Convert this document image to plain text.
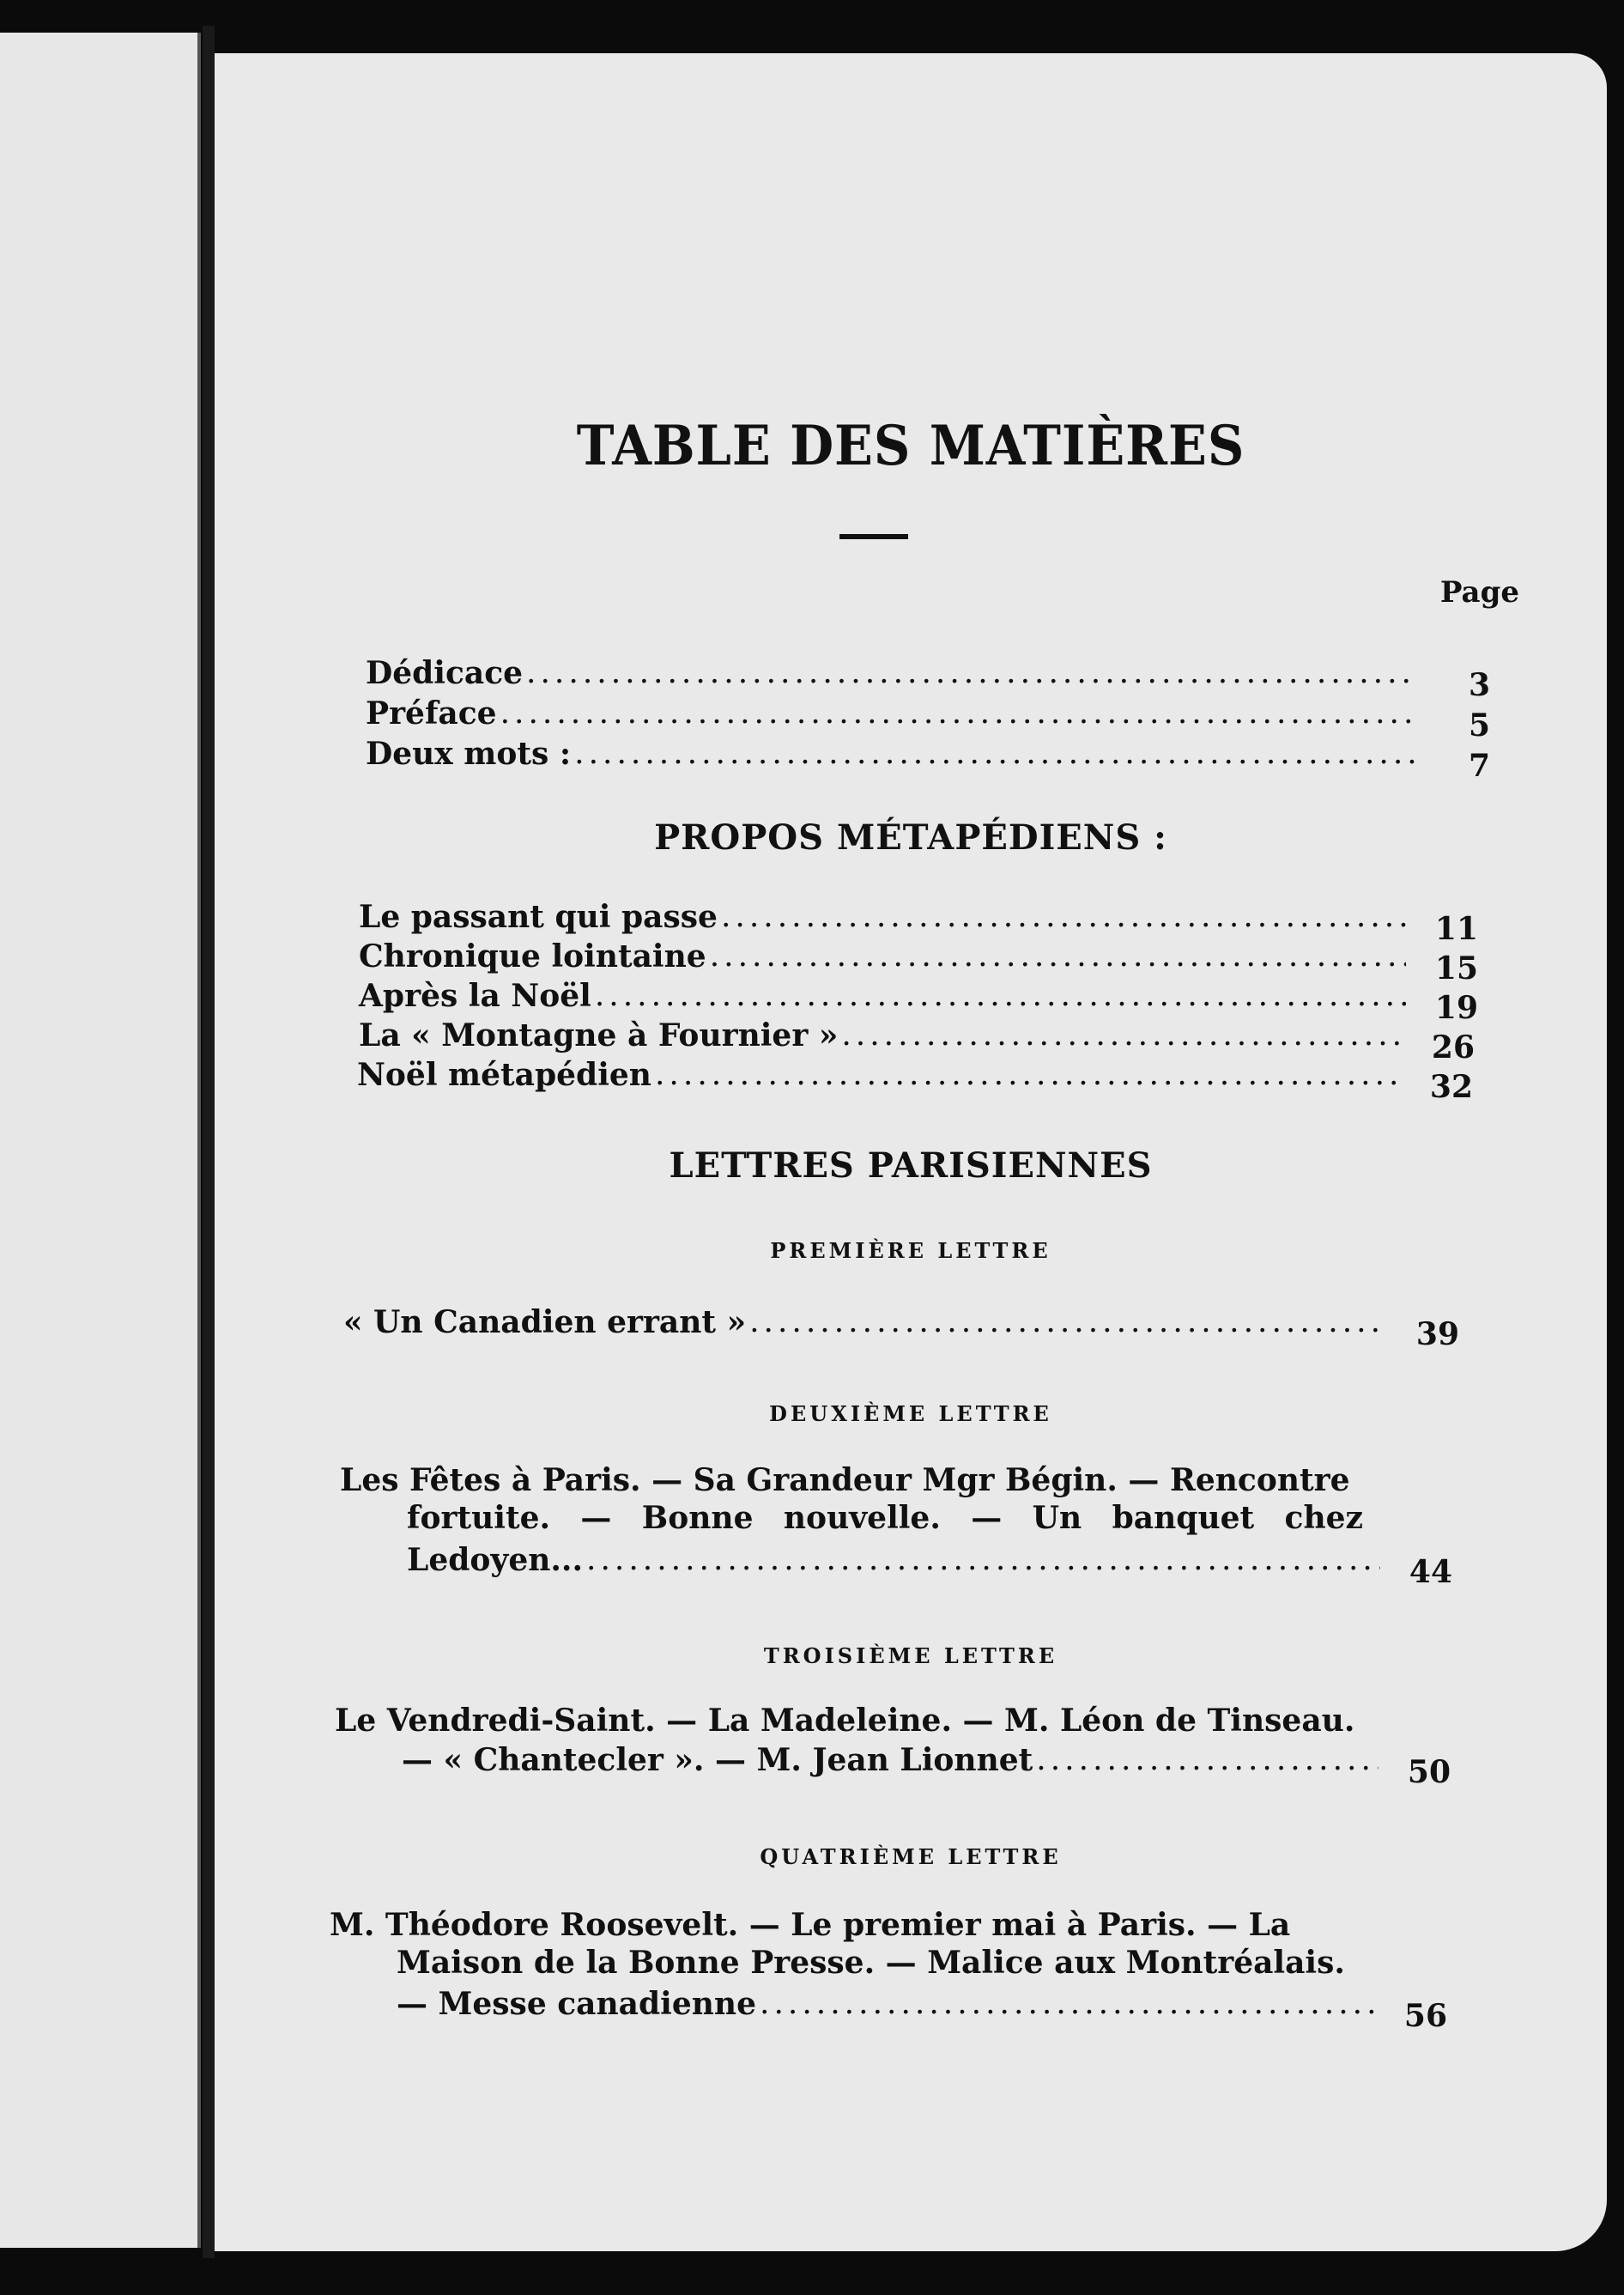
TABLE DES MATIÈRES
Page
Dédicace .....	3
Préface .....	5
Deux mots : .....	7
PROPOS MÉTAPÉDIENS :
Le passant qui passe .....	11
Chronique lointaine .....	15
Après la Noël .....	19
La « Montagne à Fournier » .....	26
Noël métapédien .....	32
LETTRES PARISIENNES
PREMIÈRE LETTRE
« Un Canadien errant » .....	39
DEUXIÈME LETTRE
Les Fêtes à Paris. — Sa Grandeur Mgr Bégin. — Rencontre
fortuite. — Bonne nouvelle. — Un banquet chez
Ledoyen... .....	44
TROISIÈME LETTRE
Le Vendredi-Saint. — La Madeleine. — M. Léon de Tinseau.
— « Chantecler ». — M. Jean Lionnet .....	50
QUATRIÈME LETTRE
M. Théodore Roosevelt. — Le premier mai à Paris. — La
Maison de la Bonne Presse. — Malice aux Montréalais.
— Messe canadienne .....	56
